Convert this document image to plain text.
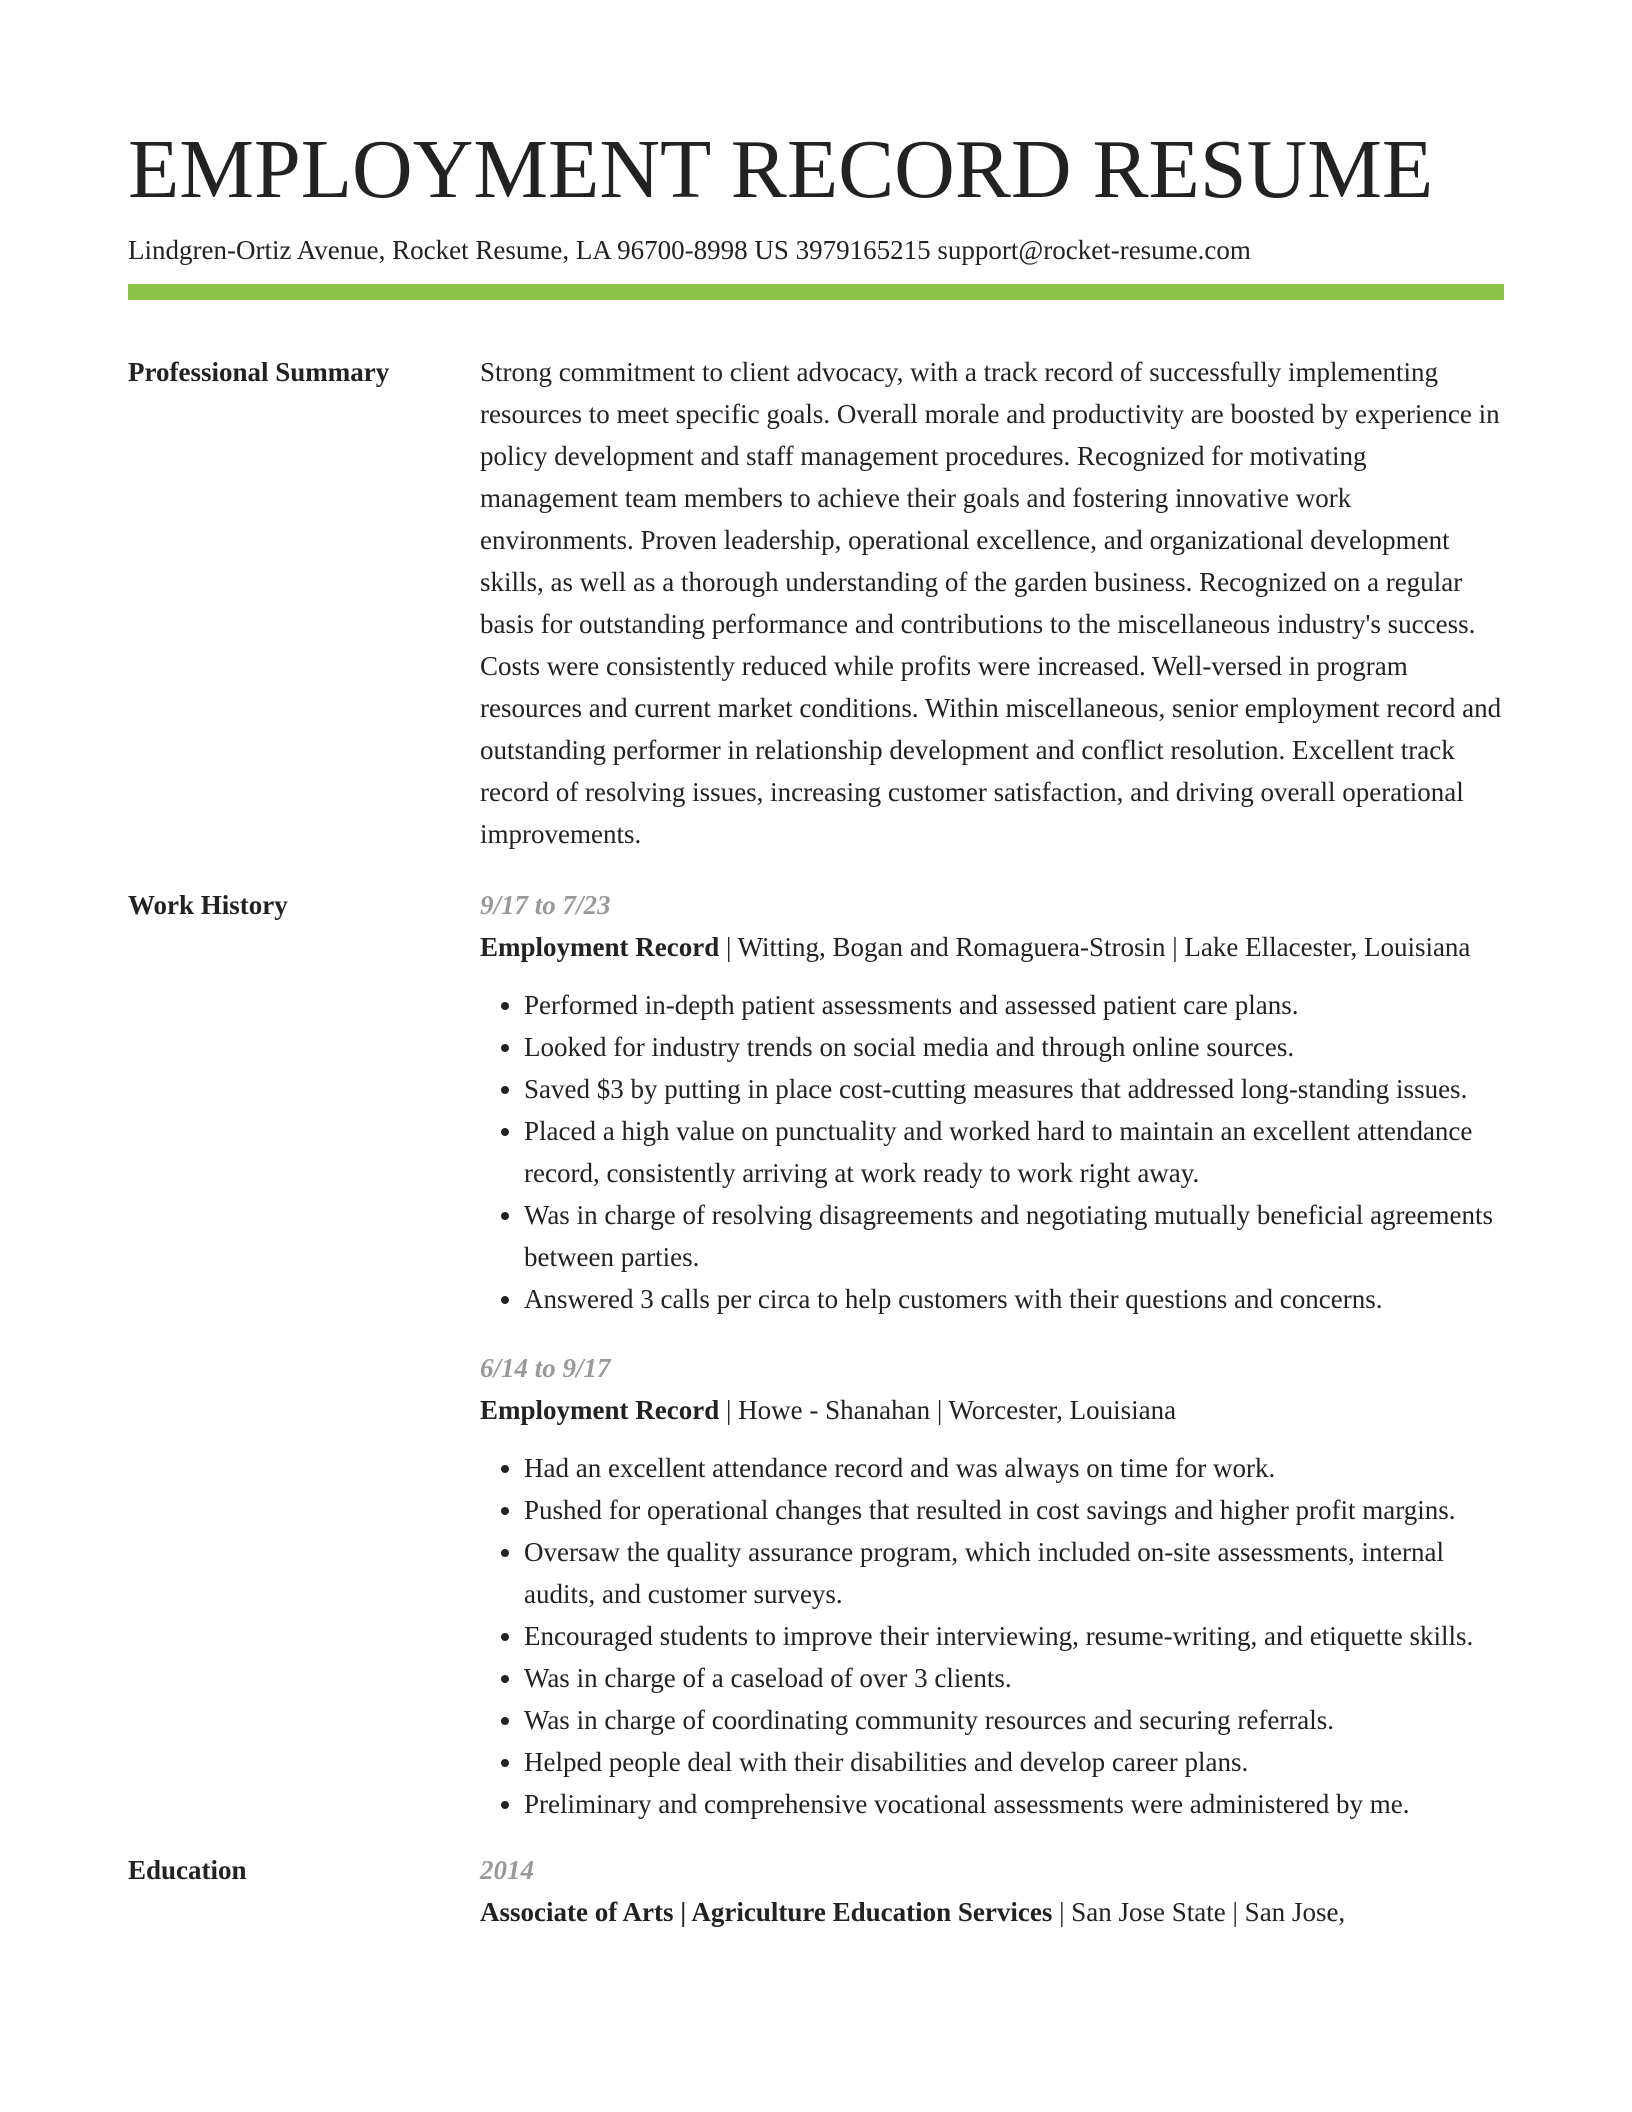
EMPLOYMENT RECORD RESUME
Lindgren-Ortiz Avenue, Rocket Resume, LA 96700-8998 US 3979165215 support@rocket-resume.com
Professional Summary	Strong commitment to client advocacy, with a track record of successfully implementing resources to meet specific goals. Overall morale and productivity are boosted by experience in policy development and staff management procedures. Recognized for motivating management team members to achieve their goals and fostering innovative work environments. Proven leadership, operational excellence, and organizational development skills, as well as a thorough understanding of the garden business. Recognized on a regular basis for outstanding performance and contributions to the miscellaneous industry's success. Costs were consistently reduced while profits were increased. Well-versed in program resources and current market conditions. Within miscellaneous, senior employment record and outstanding performer in relationship development and conflict resolution. Excellent track record of resolving issues, increasing customer satisfaction, and driving overall operational improvements.

Work History	9/17 to 7/23

Employment Record | Witting, Bogan and Romaguera-Strosin | Lake Ellacester, Louisiana

• Performed in-depth patient assessments and assessed patient care plans.
• Looked for industry trends on social media and through online sources.
• Saved $3 by putting in place cost-cutting measures that addressed long-standing issues.
• Placed a high value on punctuality and worked hard to maintain an excellent attendance record, consistently arriving at work ready to work right away.
• Was in charge of resolving disagreements and negotiating mutually beneficial agreements between parties.
• Answered 3 calls per circa to help customers with their questions and concerns.
6/14 to 9/17

Employment Record | Howe - Shanahan | Worcester, Louisiana

• Had an excellent attendance record and was always on time for work.
• Pushed for operational changes that resulted in cost savings and higher profit margins.
• Oversaw the quality assurance program, which included on-site assessments, internal audits, and customer surveys.
• Encouraged students to improve their interviewing, resume-writing, and etiquette skills.
• Was in charge of a caseload of over 3 clients.
• Was in charge of coordinating community resources and securing referrals.
• Helped people deal with their disabilities and develop career plans.
• Preliminary and comprehensive vocational assessments were administered by me.
Education	2014

Associate of Arts | Agriculture Education Services | San Jose State | San Jose,
